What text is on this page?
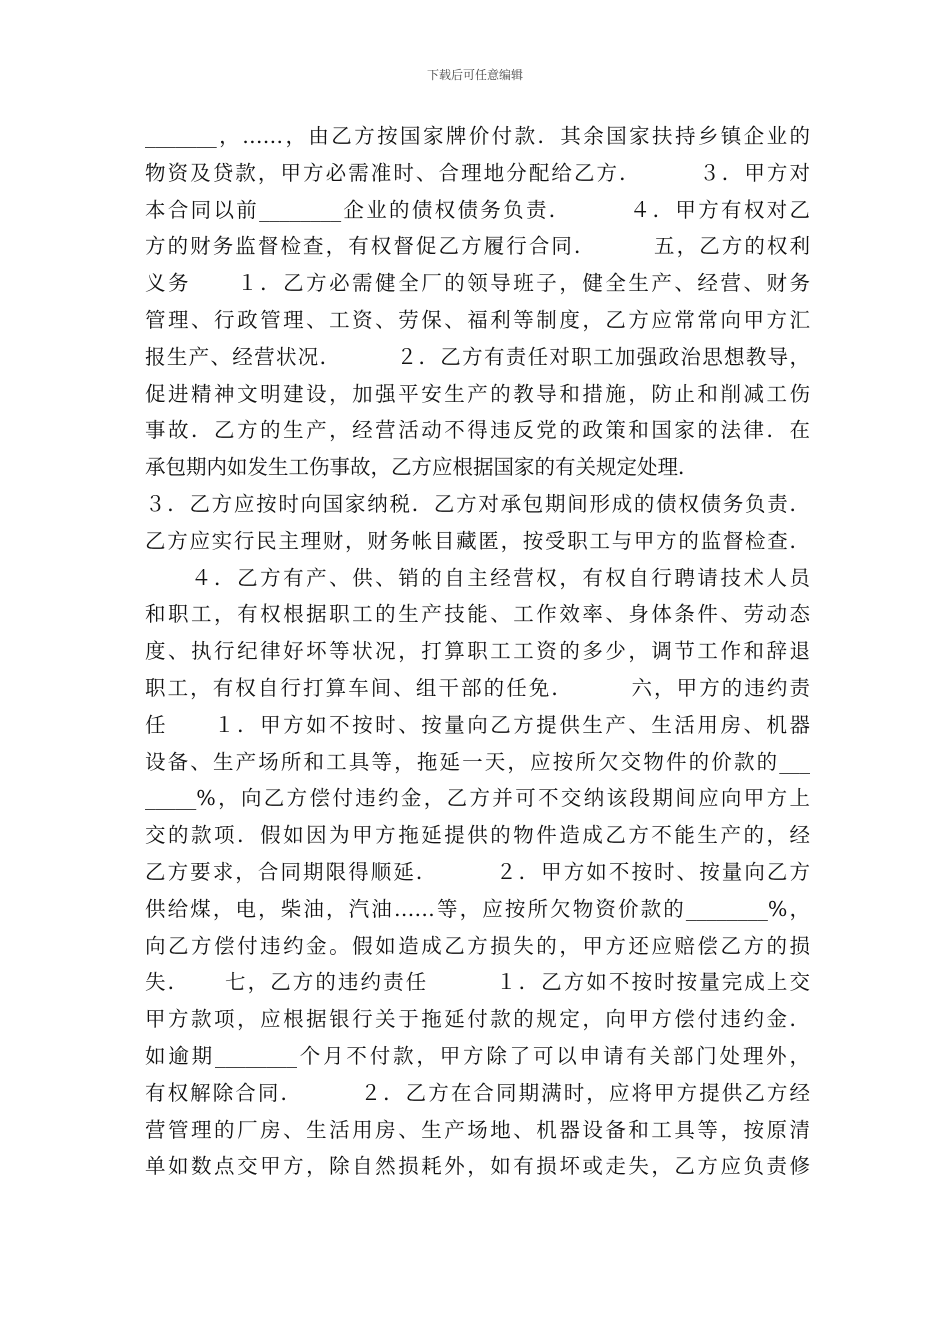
下载后可任意编辑
_______，……，由乙方按国家牌价付款．其余国家扶持乡镇企业的
物资及贷款，甲方必需准时、合理地分配给乙方．　　　３．甲方对
本合同以前________企业的债权债务负责．　　　４．甲方有权对乙
方的财务监督检查，有权督促乙方履行合同．　　　五，乙方的权利
义务　　１．乙方必需健全厂的领导班子，健全生产、经营、财务
管理、行政管理、工资、劳保、福利等制度，乙方应常常向甲方汇
报生产、经营状况．　　　２．乙方有责任对职工加强政治思想教导，
促进精神文明建设，加强平安生产的教导和措施，防止和削减工伤
事故．乙方的生产，经营活动不得违反党的政策和国家的法律．在
承包期内如发生工伤事故，乙方应根据国家的有关规定处理．
３．乙方应按时向国家纳税．乙方对承包期间形成的债权债务负责．
乙方应实行民主理财，财务帐目藏匿，按受职工与甲方的监督检查．
　　４．乙方有产、供、销的自主经营权，有权自行聘请技术人员
和职工，有权根据职工的生产技能、工作效率、身体条件、劳动态
度、执行纪律好坏等状况，打算职工工资的多少，调节工作和辞退
职工，有权自行打算车间、组干部的任免．　　　六，甲方的违约责
任　　１．甲方如不按时、按量向乙方提供生产、生活用房、机器
设备、生产场所和工具等，拖延一天，应按所欠交物件的价款的___
_____%，向乙方偿付违约金，乙方并可不交纳该段期间应向甲方上
交的款项．假如因为甲方拖延提供的物件造成乙方不能生产的，经
乙方要求，合同期限得顺延．　　　２．甲方如不按时、按量向乙方
供给煤，电，柴油，汽油……等，应按所欠物资价款的________%，
向乙方偿付违约金。假如造成乙方损失的，甲方还应赔偿乙方的损
失．　　七，乙方的违约责任　　　１．乙方如不按时按量完成上交
甲方款项，应根据银行关于拖延付款的规定，向甲方偿付违约金．
如逾期________个月不付款，甲方除了可以申请有关部门处理外，
有权解除合同．　　　２．乙方在合同期满时，应将甲方提供乙方经
营管理的厂房、生活用房、生产场地、机器设备和工具等，按原清
单如数点交甲方，除自然损耗外，如有损坏或走失，乙方应负责修
